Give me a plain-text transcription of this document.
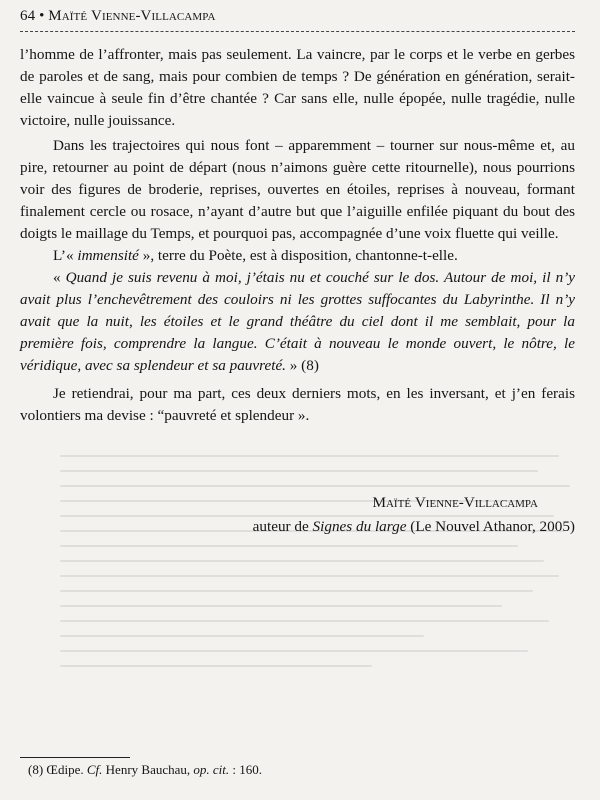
64 • Maïté Vienne-Villacampa

l’homme de l’affronter, mais pas seulement. La vaincre, par le corps et le verbe en gerbes de paroles et de sang, mais pour combien de temps ? De génération en génération, serait-elle vaincue à seule fin d’être chantée ? Car sans elle, nulle épopée, nulle tragédie, nulle victoire, nulle jouissance.

Dans les trajectoires qui nous font – apparemment – tourner sur nous-même et, au pire, retourner au point de départ (nous n’aimons guère cette ritournelle), nous pourrions voir des figures de broderie, reprises, ouvertes en étoiles, reprises à nouveau, formant finalement cercle ou rosace, n’ayant d’autre but que l’aiguille enfilée piquant du bout des doigts le maillage du Temps, et pourquoi pas, accompagnée d’une voix fluette qui veille.

L’« immensité », terre du Poète, est à disposition, chantonne-t-elle.

« Quand je suis revenu à moi, j’étais nu et couché sur le dos. Autour de moi, il n’y avait plus l’enchevêtrement des couloirs ni les grottes suffocantes du Labyrinthe. Il n’y avait que la nuit, les étoiles et le grand théâtre du ciel dont il me semblait, pour la première fois, comprendre la langue. C’était à nouveau le monde ouvert, le nôtre, le véridique, avec sa splendeur et sa pauvreté. » (8)

Je retiendrai, pour ma part, ces deux derniers mots, en les inversant, et j’en ferais volontiers ma devise : “pauvreté et splendeur ».

Maïté Vienne-Villacampa
auteur de Signes du large (Le Nouvel Athanor, 2005)
(8) Œdipe. Cf. Henry Bauchau, op. cit. : 160.
